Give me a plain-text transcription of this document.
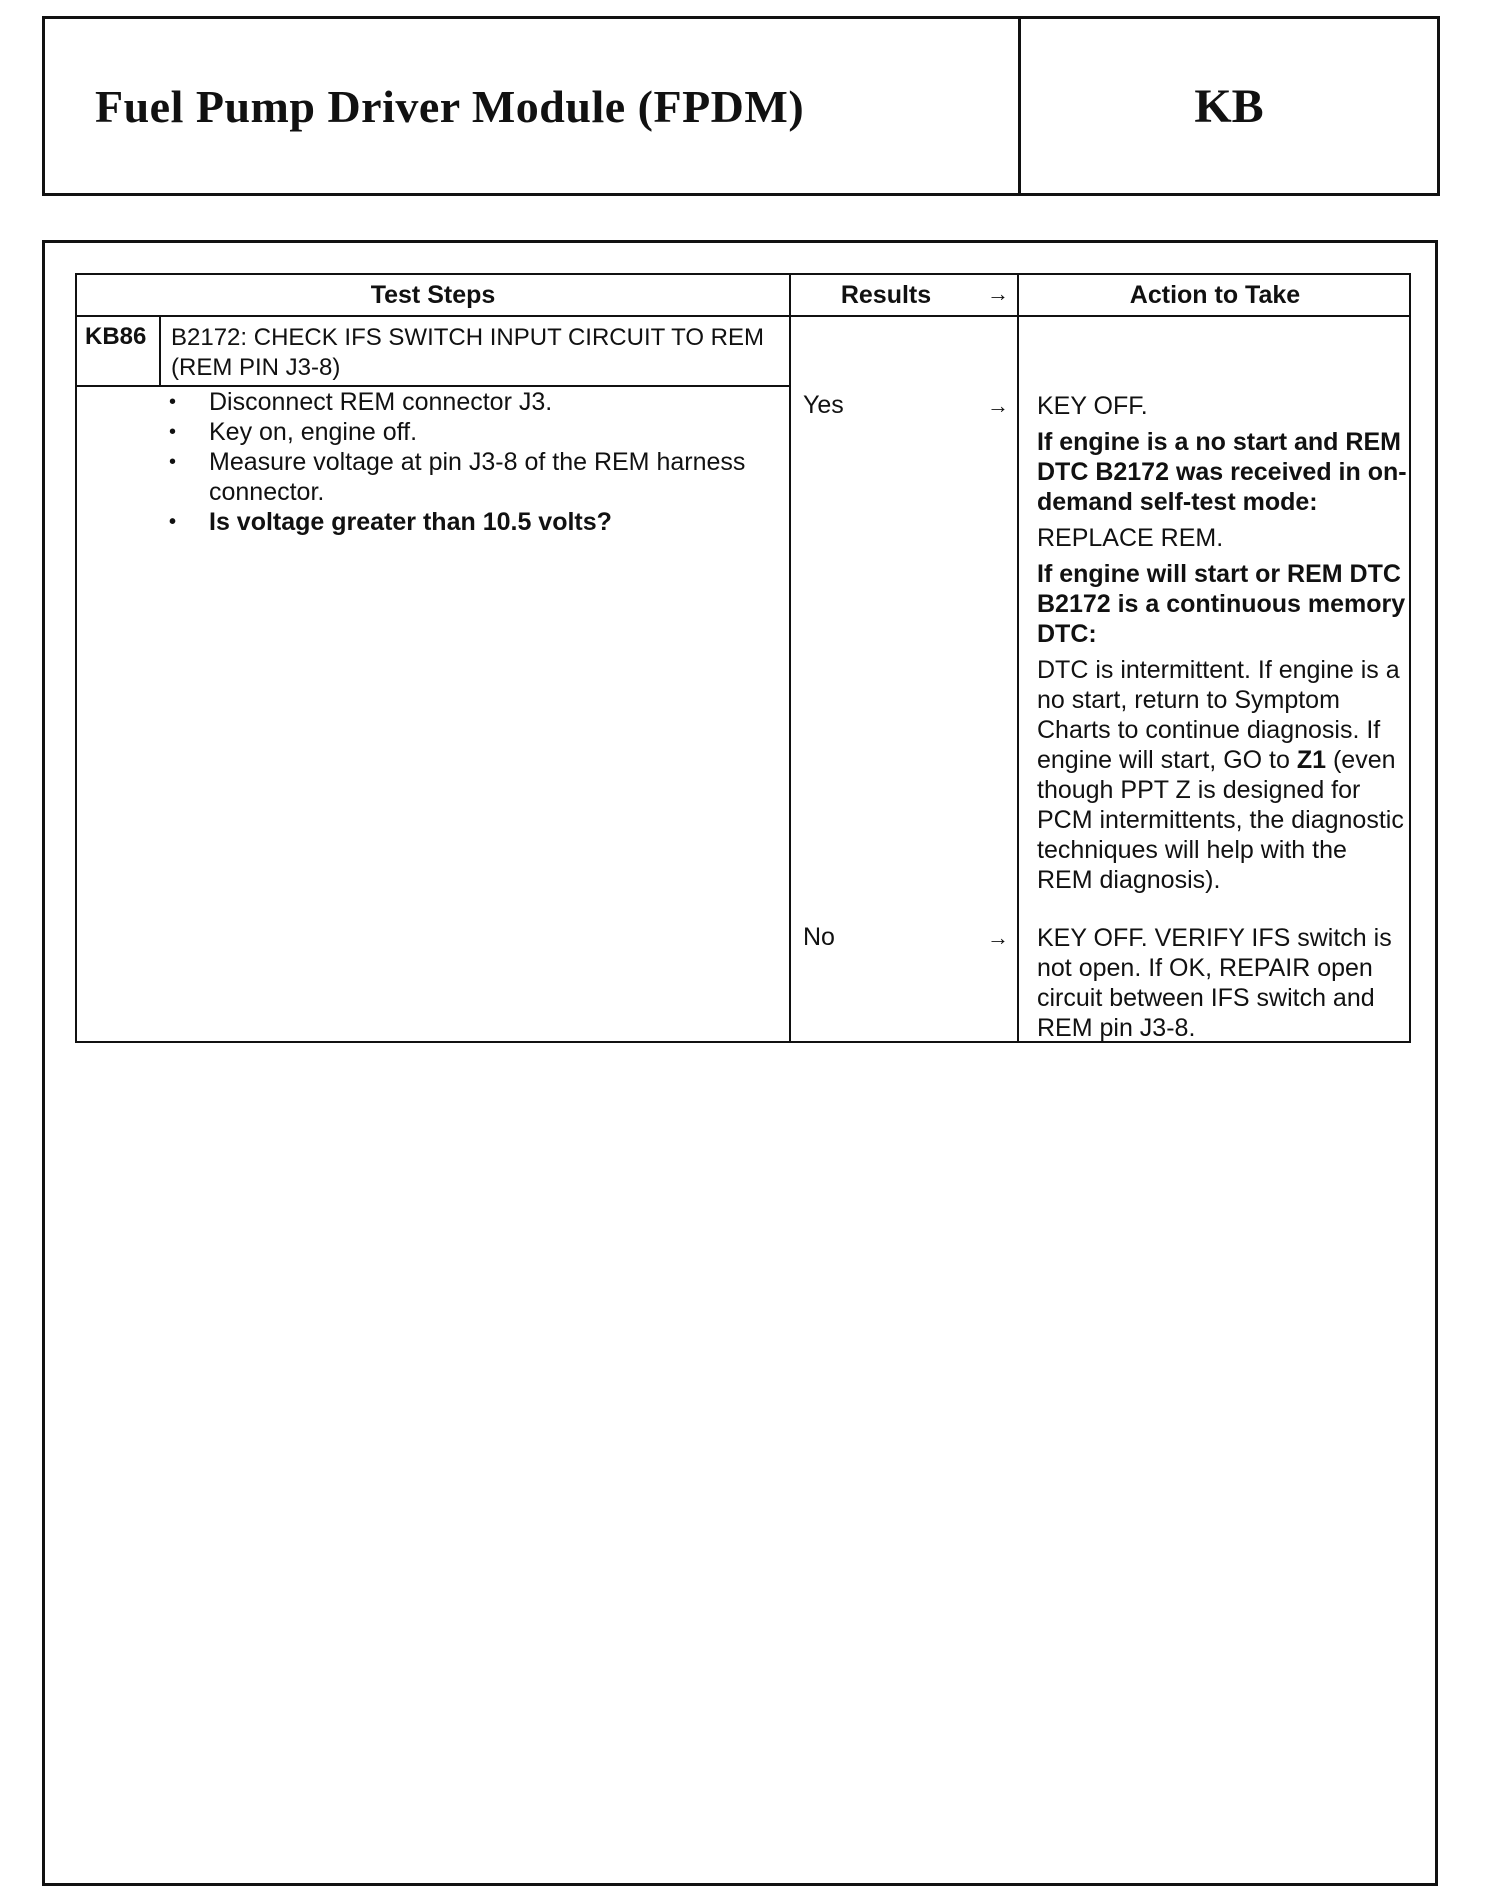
Fuel Pump Driver Module (FPDM)	KB
Test Steps	Results	→	Action to Take
KB86 B2172: CHECK IFS SWITCH INPUT CIRCUIT TO REM (REM PIN J3-8)
• Disconnect REM connector J3.
• Key on, engine off.
• Measure voltage at pin J3-8 of the REM harness connector.
• Is voltage greater than 10.5 volts?
Yes	→ KEY OFF.

If engine is a no start and REM DTC B2172 was received in on-demand self-test mode:

REPLACE REM.

If engine will start or REM DTC B2172 is a continuous memory DTC:

DTC is intermittent. If engine is a no start, return to Symptom Charts to continue diagnosis. If engine will start, GO to Z1 (even though PPT Z is designed for PCM intermittents, the diagnostic techniques will help with the REM diagnosis).

No	→ KEY OFF. VERIFY IFS switch is not open. If OK, REPAIR open circuit between IFS switch and REM pin J3-8.
